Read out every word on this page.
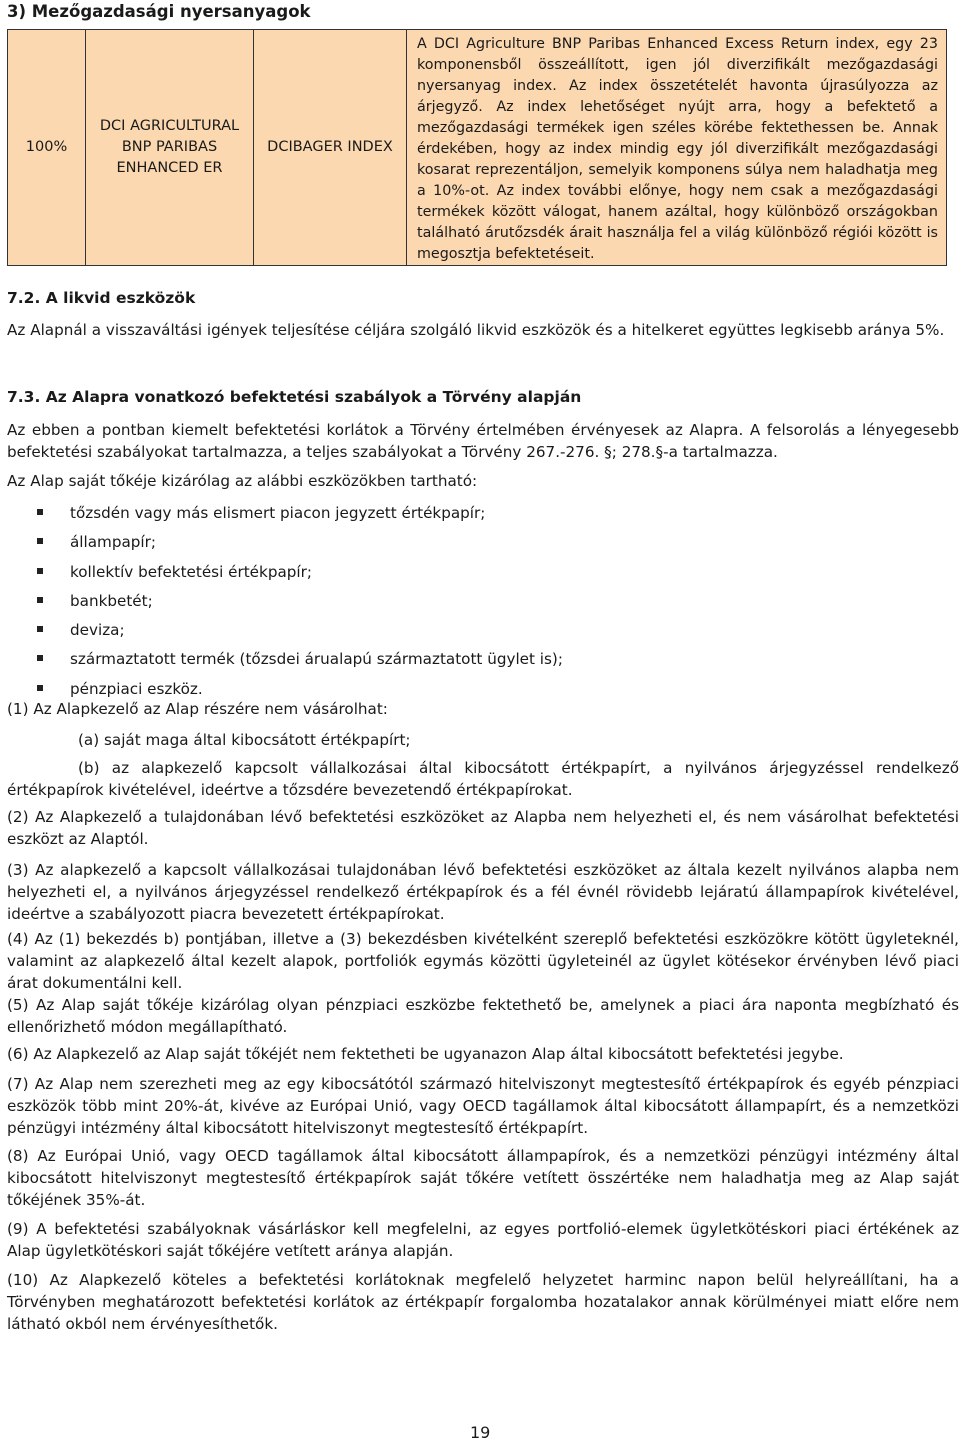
3) Mezőgazdasági nyersanyagok
100%	DCI AGRICULTURAL BNP PARIBAS ENHANCED ER	DCIBAGER INDEX	A DCI Agriculture BNP Paribas Enhanced Excess Return index, egy 23 komponensből összeállított, igen jól diverzifikált mezőgazdasági nyersanyag index. Az index összetételét havonta újrasúlyozza az árjegyző. Az index lehetőséget nyújt arra, hogy a befektető a mezőgazdasági termékek igen széles körébe fektethessen be. Annak érdekében, hogy az index mindig egy jól diverzifikált mezőgazdasági kosarat reprezentáljon, semelyik komponens súlya nem haladhatja meg a 10%-ot. Az index további előnye, hogy nem csak a mezőgazdasági termékek között válogat, hanem azáltal, hogy különböző országokban található árutőzsdék árait használja fel a világ különböző régiói között is megosztja befektetéseit.
7.2. A likvid eszközök
Az Alapnál a visszaváltási igények teljesítése céljára szolgáló likvid eszközök és a hitelkeret együttes legkisebb aránya 5%.
7.3. Az Alapra vonatkozó befektetési szabályok a Törvény alapján
Az ebben a pontban kiemelt befektetési korlátok a Törvény értelmében érvényesek az Alapra. A felsorolás a lényegesebb befektetési szabályokat tartalmazza, a teljes szabályokat a Törvény 267.-276. §; 278.§-a tartalmazza.
Az Alap saját tőkéje kizárólag az alábbi eszközökben tartható:
tőzsdén vagy más elismert piacon jegyzett értékpapír;
állampapír;
kollektív befektetési értékpapír;
bankbetét;
deviza;
származtatott termék (tőzsdei árualapú származtatott ügylet is);
pénzpiaci eszköz.
(1) Az Alapkezelő az Alap részére nem vásárolhat:
(a) saját maga által kibocsátott értékpapírt;
(b) az alapkezelő kapcsolt vállalkozásai által kibocsátott értékpapírt, a nyilvános árjegyzéssel rendelkező értékpapírok kivételével, ideértve a tőzsdére bevezetendő értékpapírokat.
(2) Az Alapkezelő a tulajdonában lévő befektetési eszközöket az Alapba nem helyezheti el, és nem vásárolhat befektetési eszközt az Alaptól.
(3) Az alapkezelő a kapcsolt vállalkozásai tulajdonában lévő befektetési eszközöket az általa kezelt nyilvános alapba nem helyezheti el, a nyilvános árjegyzéssel rendelkező értékpapírok és a fél évnél rövidebb lejáratú állampapírok kivételével, ideértve a szabályozott piacra bevezetett értékpapírokat.
(4) Az (1) bekezdés b) pontjában, illetve a (3) bekezdésben kivételként szereplő befektetési eszközökre kötött ügyleteknél, valamint az alapkezelő által kezelt alapok, portfoliók egymás közötti ügyleteinél az ügylet kötésekor érvényben lévő piaci árat dokumentálni kell.
(5) Az Alap saját tőkéje kizárólag olyan pénzpiaci eszközbe fektethető be, amelynek a piaci ára naponta megbízható és ellenőrizhető módon megállapítható.
(6) Az Alapkezelő az Alap saját tőkéjét nem fektetheti be ugyanazon Alap által kibocsátott befektetési jegybe.
(7) Az Alap nem szerezheti meg az egy kibocsátótól származó hitelviszonyt megtestesítő értékpapírok és egyéb pénzpiaci eszközök több mint 20%-át, kivéve az Európai Unió, vagy OECD tagállamok által kibocsátott állampapírt, és a nemzetközi pénzügyi intézmény által kibocsátott hitelviszonyt megtestesítő értékpapírt.
(8) Az Európai Unió, vagy OECD tagállamok által kibocsátott állampapírok, és a nemzetközi pénzügyi intézmény által kibocsátott hitelviszonyt megtestesítő értékpapírok saját tőkére vetített összértéke nem haladhatja meg az Alap saját tőkéjének 35%-át.
(9) A befektetési szabályoknak vásárláskor kell megfelelni, az egyes portfolió-elemek ügyletkötéskori piaci értékének az Alap ügyletkötéskori saját tőkéjére vetített aránya alapján.
(10) Az Alapkezelő köteles a befektetési korlátoknak megfelelő helyzetet harminc napon belül helyreállítani, ha a Törvényben meghatározott befektetési korlátok az értékpapír forgalomba hozatalakor annak körülményei miatt előre nem látható okból nem érvényesíthetők.
19
